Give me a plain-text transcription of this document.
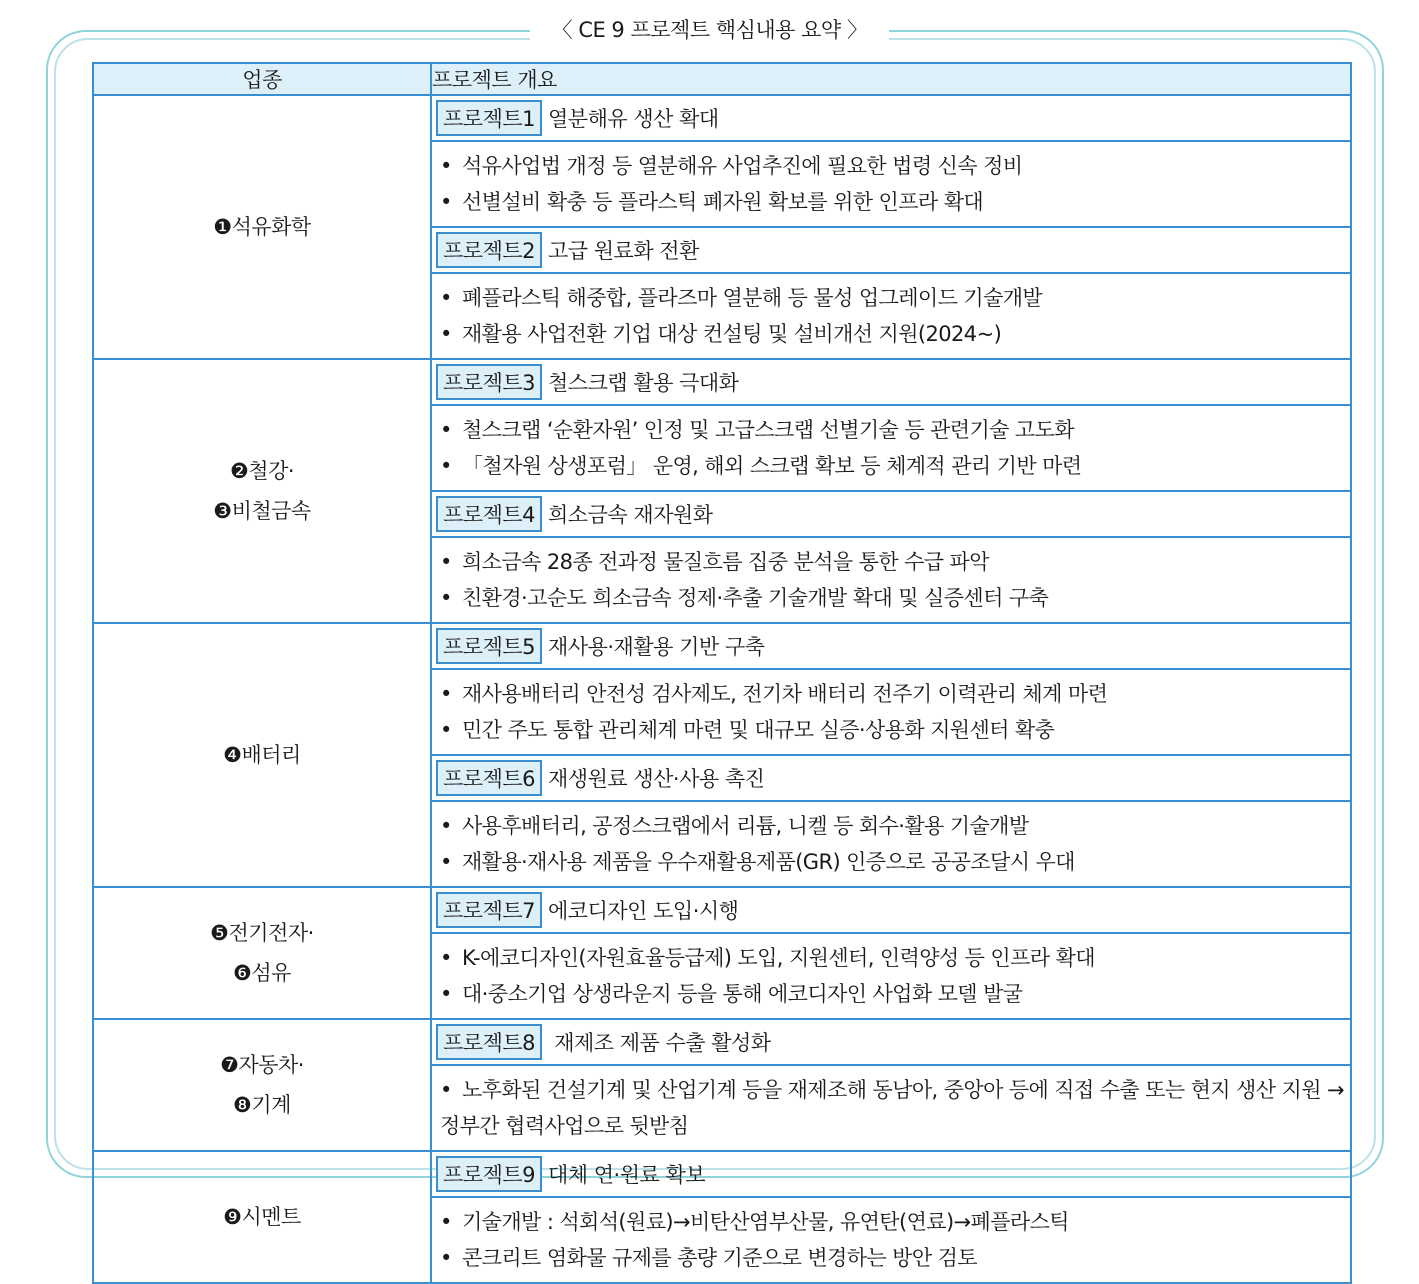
〈 CE 9 프로젝트 핵심내용 요약 〉
업종	프로젝트 개요

❶석유화학	프로젝트1 열분해유 생산 확대

	• 석유사업법 개정 등 열분해유 사업추진에 필요한 법령 신속 정비
• 선별설비 확충 등 플라스틱 폐자원 확보를 위한 인프라 확대

	프로젝트2 고급 원료화 전환

	• 폐플라스틱 해중합, 플라즈마 열분해 등 물성 업그레이드 기술개발
• 재활용 사업전환 기업 대상 컨설팅 및 설비개선 지원(2024~)

❷철강·
❸비철금속	프로젝트3 철스크랩 활용 극대화

	• 철스크랩 ‘순환자원’ 인정 및 고급스크랩 선별기술 등 관련기술 고도화
• 「철자원 상생포럼」 운영, 해외 스크랩 확보 등 체계적 관리 기반 마련

	프로젝트4 희소금속 재자원화

	• 희소금속 28종 전과정 물질흐름 집중 분석을 통한 수급 파악
• 친환경·고순도 희소금속 정제·추출 기술개발 확대 및 실증센터 구축

❹배터리	프로젝트5 재사용·재활용 기반 구축

	• 재사용배터리 안전성 검사제도, 전기차 배터리 전주기 이력관리 체계 마련
• 민간 주도 통합 관리체계 마련 및 대규모 실증·상용화 지원센터 확충

	프로젝트6 재생원료 생산·사용 촉진

	• 사용후배터리, 공정스크랩에서 리튬, 니켈 등 회수·활용 기술개발
• 재활용·재사용 제품을 우수재활용제품(GR) 인증으로 공공조달시 우대

❺전기전자·
❻섬유	프로젝트7 에코디자인 도입·시행

	• K-에코디자인(자원효율등급제) 도입, 지원센터, 인력양성 등 인프라 확대
• 대·중소기업 상생라운지 등을 통해 에코디자인 사업화 모델 발굴

❼자동차·
❽기계	프로젝트8 재제조 제품 수출 활성화

	• 노후화된 건설기계 및 산업기계 등을 재제조해 동남아, 중앙아 등에 직접 수출 또는 현지 생산 지원 → 정부간 협력사업으로 뒷받침

❾시멘트	프로젝트9 대체 연·원료 확보

	• 기술개발 : 석회석(원료)→비탄산염부산물, 유연탄(연료)→폐플라스틱
• 콘크리트 염화물 규제를 총량 기준으로 변경하는 방안 검토
